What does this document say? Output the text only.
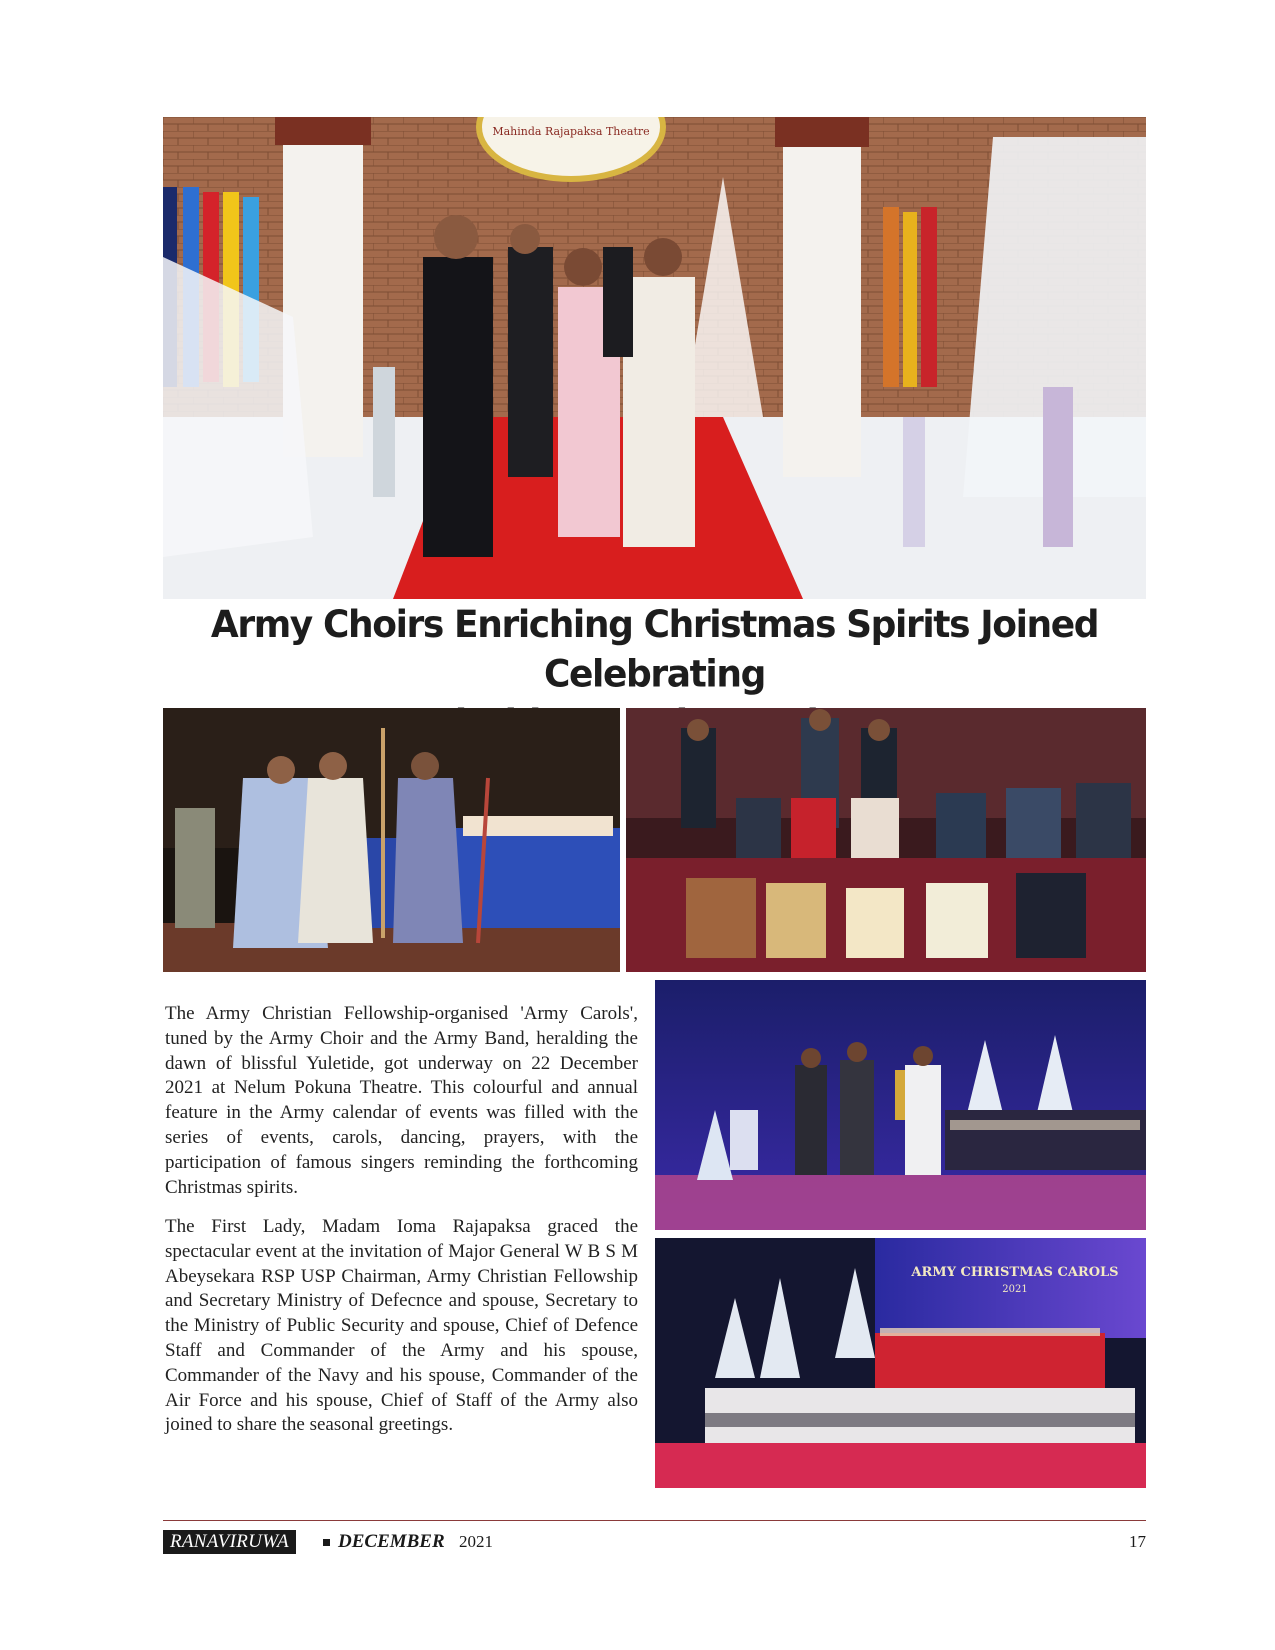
Mahinda Rajapaksa Theatre
Army Choirs Enriching Christmas Spirits Joined Celebrating
The Army Christian Fellowship-organised 'Army Carols', tuned by the Army Choir and the Army Band, heralding the dawn of blissful Yuletide, got underway on 22 December 2021 at Nelum Pokuna Theatre. This colourful and annual feature in the Army calendar of events was filled with the series of events, carols, dancing, prayers, with the participation of famous singers reminding the forthcoming Christmas spirits.
The First Lady, Madam Ioma Rajapaksa graced the spectacular event at the invitation of Major General W B S M Abeysekara RSP USP Chairman, Army Christian Fellowship and Secretary Ministry of Defecnce and spouse, Secretary to the Ministry of Public Security and spouse, Chief of Defence Staff and Commander of the Army and his spouse, Commander of the Navy and his spouse, Commander of the Air Force and his spouse, Chief of Staff of the Army also joined to share the seasonal greetings.
ARMY CHRISTMAS CAROLS
2021
RANAVIRUWA	DECEMBER 2021	17
